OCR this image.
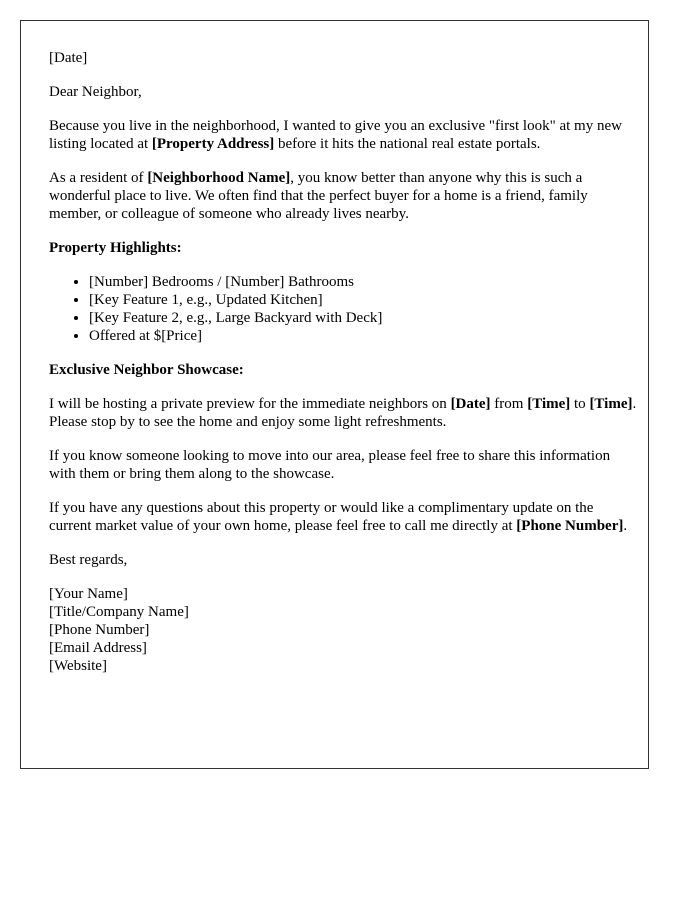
[Date]

Dear Neighbor,

Because you live in the neighborhood, I wanted to give you an exclusive "first look" at my new listing located at [Property Address] before it hits the national real estate portals.

As a resident of [Neighborhood Name], you know better than anyone why this is such a wonderful place to live. We often find that the perfect buyer for a home is a friend, family member, or colleague of someone who already lives nearby.

Property Highlights:

• [Number] Bedrooms / [Number] Bathrooms
• [Key Feature 1, e.g., Updated Kitchen]
• [Key Feature 2, e.g., Large Backyard with Deck]
• Offered at $[Price]

Exclusive Neighbor Showcase:

I will be hosting a private preview for the immediate neighbors on [Date] from [Time] to [Time]. Please stop by to see the home and enjoy some light refreshments.

If you know someone looking to move into our area, please feel free to share this information with them or bring them along to the showcase.

If you have any questions about this property or would like a complimentary update on the current market value of your own home, please feel free to call me directly at [Phone Number].

Best regards,

[Your Name]

[Title/Company Name]

[Phone Number]

[Email Address]

[Website]
